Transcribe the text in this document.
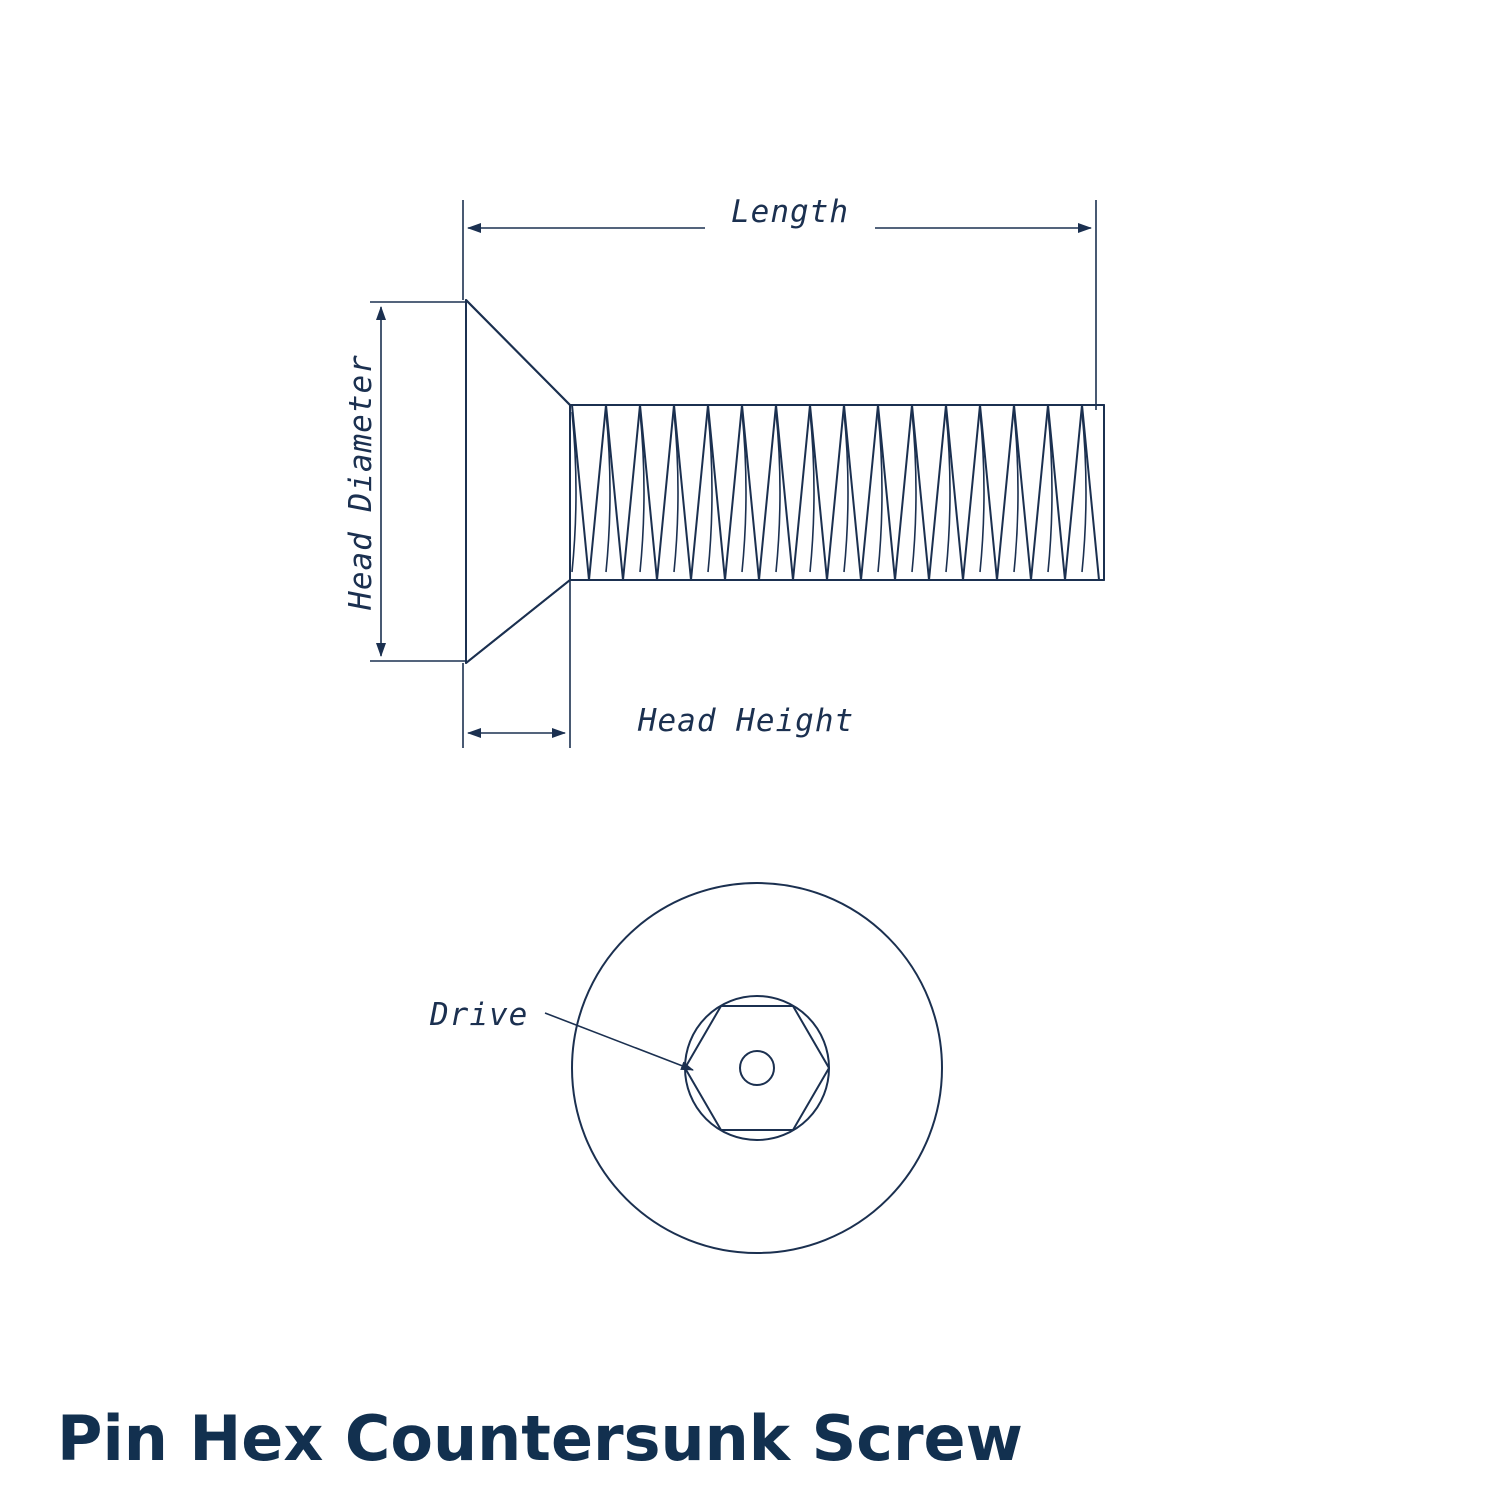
Length
Head Diameter
Head Height
Drive
Pin Hex Countersunk Screw
